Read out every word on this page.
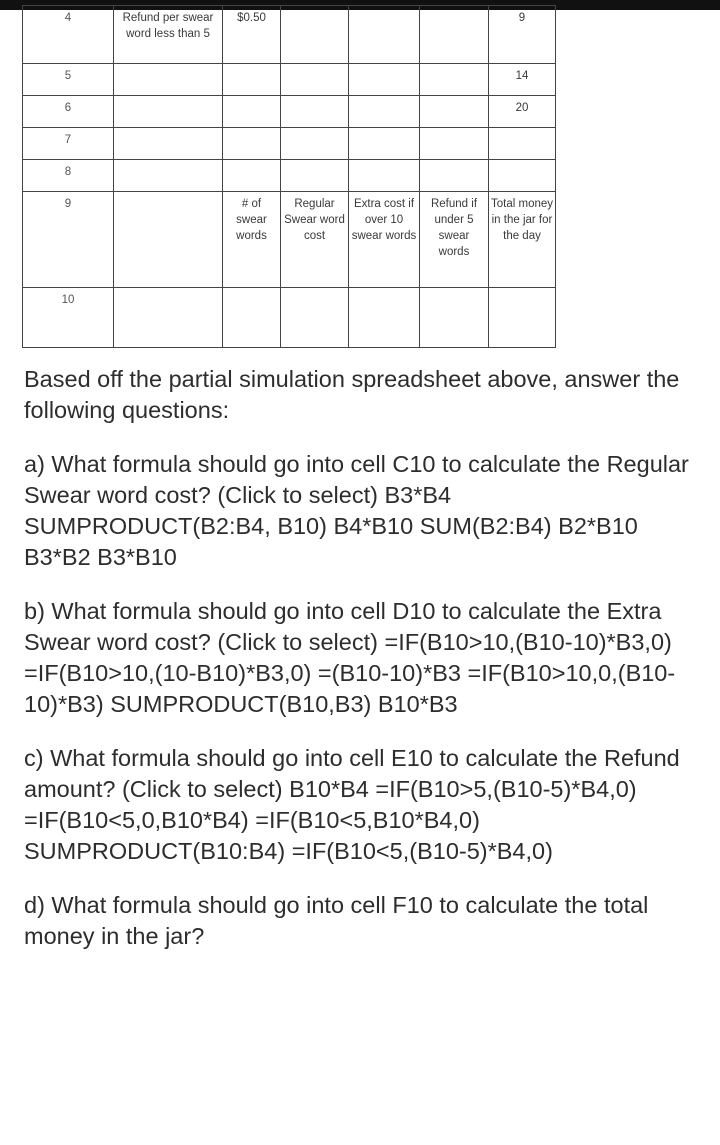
4	Refund per swear word less than 5	$0.50				9	
5						14	
6						20	
7							
8							
9		# of swear words	Regular Swear word cost	Extra cost if over 10 swear words	Refund if under 5 swear words	Total money in the jar for the day	
10							
Based off the partial simulation spreadsheet above, answer the following questions:
a) What formula should go into cell C10 to calculate the Regular Swear word cost? (Click to select) B3*B4 SUMPRODUCT(B2:B4, B10) B4*B10 SUM(B2:B4) B2*B10 B3*B2 B3*B10
b) What formula should go into cell D10 to calculate the Extra Swear word cost? (Click to select) =IF(B10>10,(B10-10)*B3,0) =IF(B10>10,(10-B10)*B3,0) =(B10-10)*B3 =IF(B10>10,0,(B10-10)*B3) SUMPRODUCT(B10,B3) B10*B3
c) What formula should go into cell E10 to calculate the Refund amount? (Click to select) B10*B4 =IF(B10>5,(B10-5)*B4,0) =IF(B10<5,0,B10*B4) =IF(B10<5,B10*B4,0) SUMPRODUCT(B10:B4) =IF(B10<5,(B10-5)*B4,0)
d) What formula should go into cell F10 to calculate the total money in the jar?
